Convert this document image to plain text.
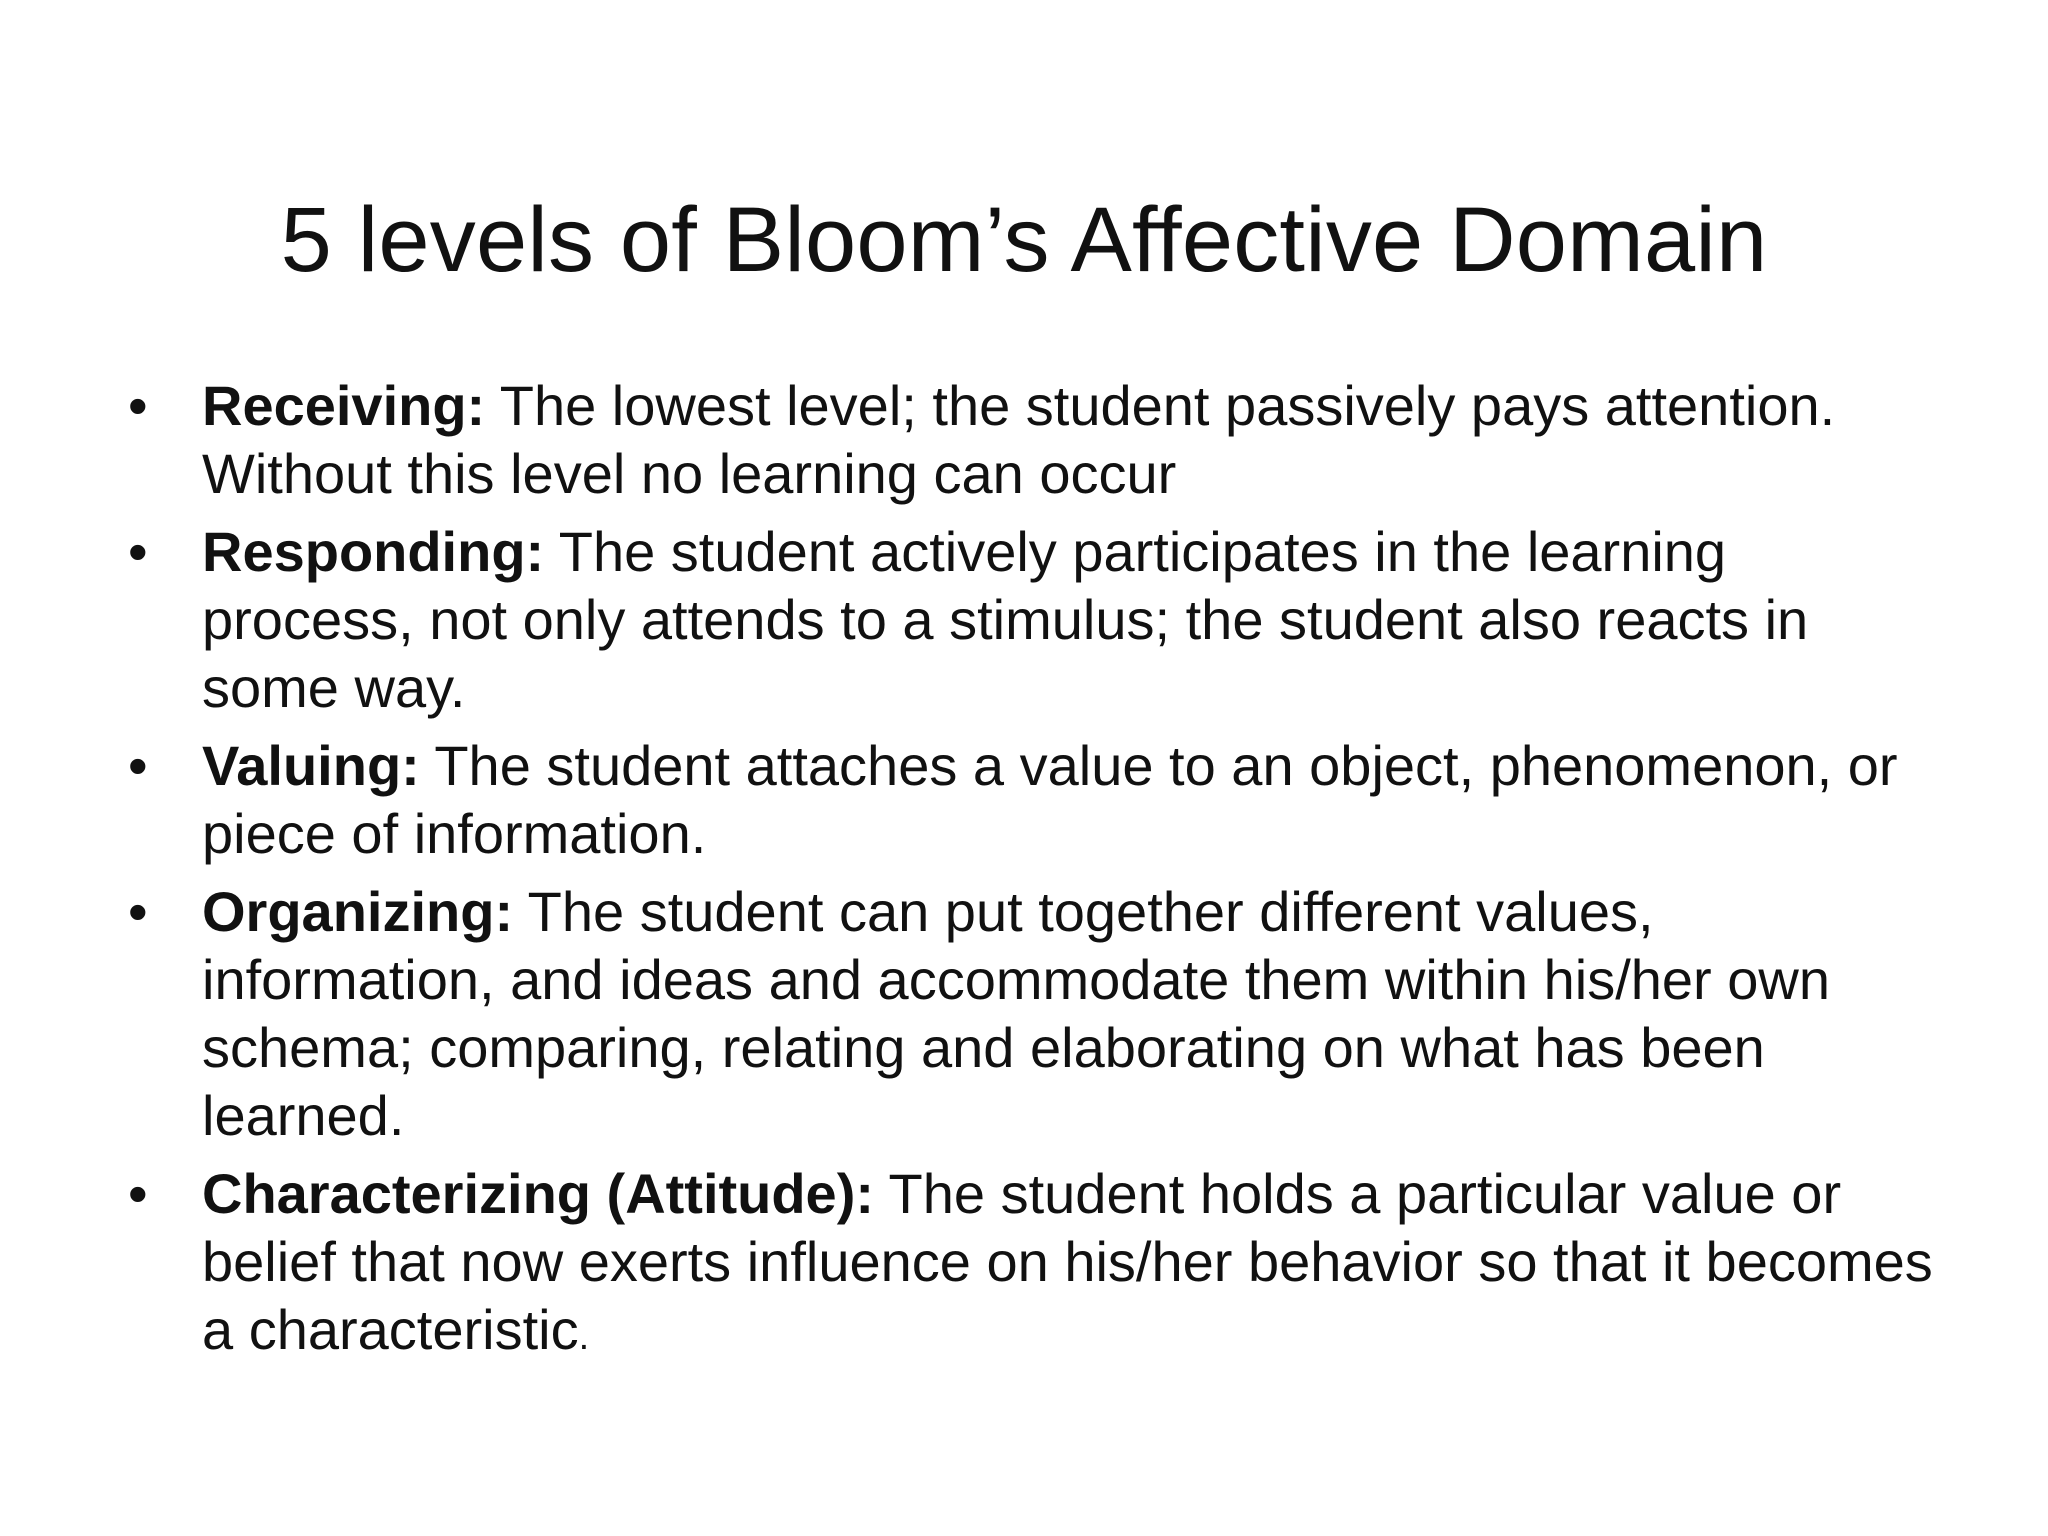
5 levels of Bloom’s Affective Domain
• Receiving: The lowest level; the student passively pays attention. Without this level no learning can occur
• Responding: The student actively participates in the learning process, not only attends to a stimulus; the student also reacts in some way.
• Valuing: The student attaches a value to an object, phenomenon, or piece of information.
• Organizing: The student can put together different values, information, and ideas and accommodate them within his/her own schema; comparing, relating and elaborating on what has been learned.
• Characterizing (Attitude): The student holds a particular value or belief that now exerts influence on his/her behavior so that it becomes a characteristic.
